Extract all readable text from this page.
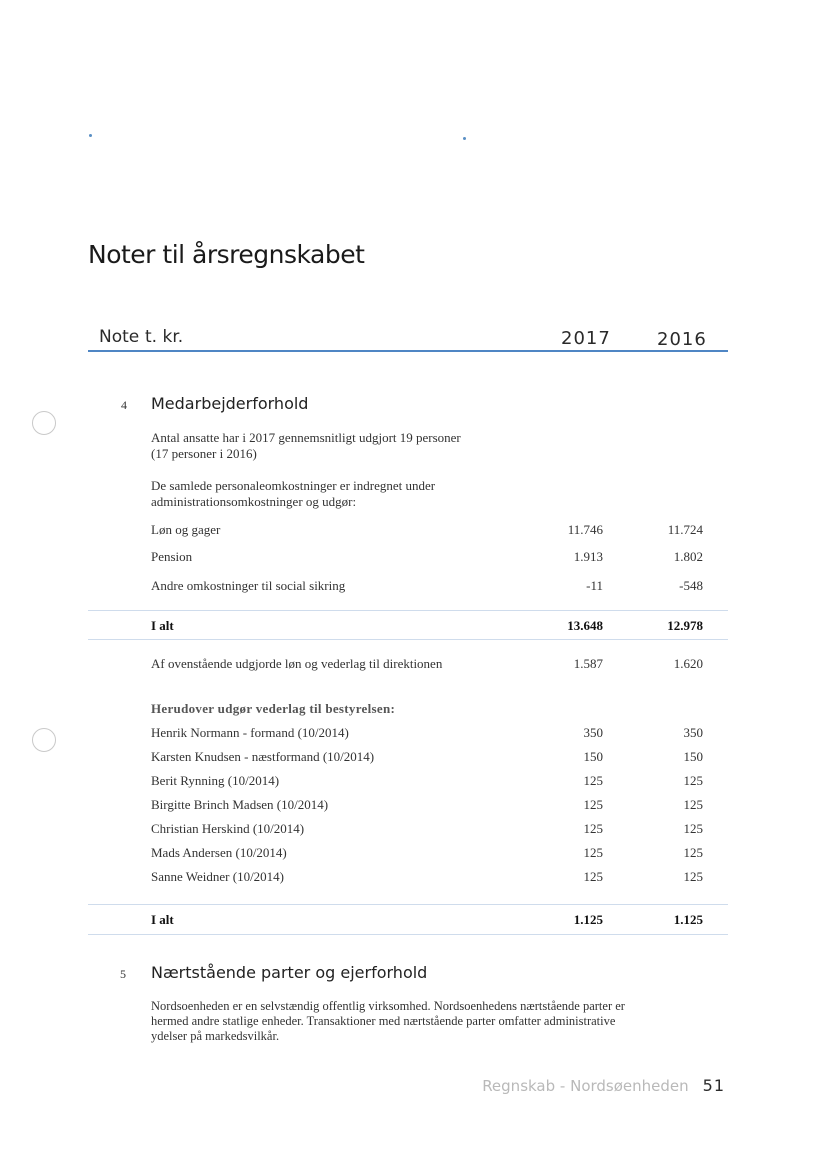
Noter til årsregnskabet
Note t. kr.	2017	2016
4 Medarbejderforhold
Antal ansatte har i 2017 gennemsnitligt udgjort 19 personer
(17 personer i 2016)
De samlede personaleomkostninger er indregnet under
administrationsomkostninger og udgør:
Løn og gager	11.746	11.724
Pension	1.913	1.802
Andre omkostninger til social sikring	-11	-548
I alt	13.648	12.978
Af ovenstående udgjorde løn og vederlag til direktionen	1.587	1.620
Herudover udgør vederlag til bestyrelsen:
Henrik Normann - formand (10/2014)	350	350
Karsten Knudsen - næstformand (10/2014)	150	150
Berit Rynning (10/2014)	125	125
Birgitte Brinch Madsen (10/2014)	125	125
Christian Herskind (10/2014)	125	125
Mads Andersen (10/2014)	125	125
Sanne Weidner (10/2014)	125	125
I alt	1.125	1.125
5 Nærtstående parter og ejerforhold
Nordsoenheden er en selvstændig offentlig virksomhed. Nordsoenhedens nærtstående parter er
hermed andre statlige enheder. Transaktioner med nærtstående parter omfatter administrative
ydelser på markedsvilkår.
Regnskab - Nordsøenheden 51
